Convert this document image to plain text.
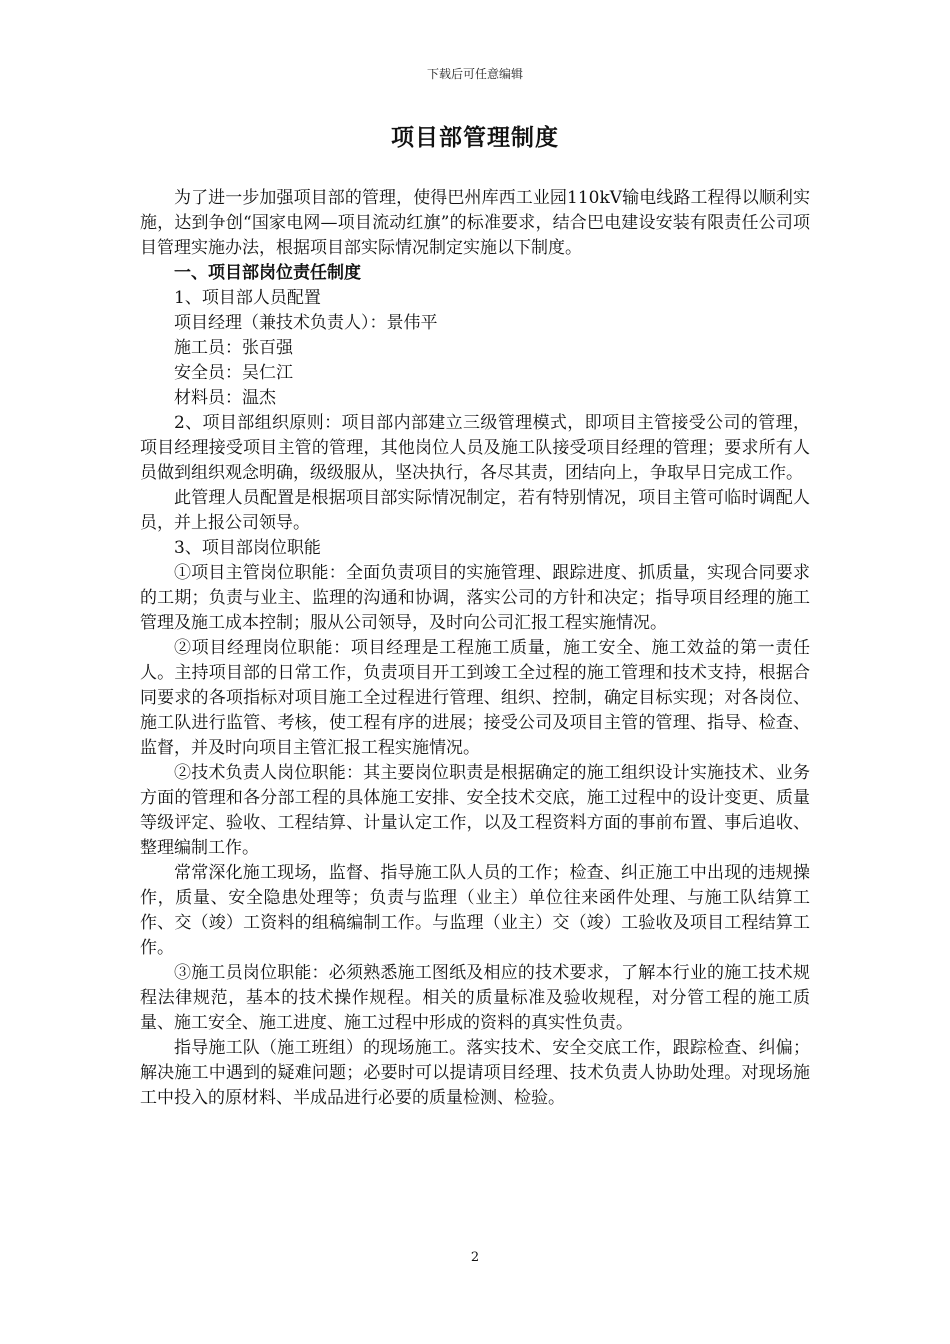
下载后可任意编辑
项目部管理制度

为了进一步加强项目部的管理，使得巴州库西工业园110kV输电线路工程得以顺利实施，达到争创“国家电网—项目流动红旗”的标准要求，结合巴电建设安装有限责任公司项目管理实施办法，根据项目部实际情况制定实施以下制度。

一、项目部岗位责任制度

1、项目部人员配置

项目经理（兼技术负责人）：景伟平

施工员：张百强

安全员：吴仁江

材料员：温杰

2、项目部组织原则：项目部内部建立三级管理模式，即项目主管接受公司的管理，项目经理接受项目主管的管理，其他岗位人员及施工队接受项目经理的管理；要求所有人员做到组织观念明确，级级服从，坚决执行，各尽其责，团结向上，争取早日完成工作。

此管理人员配置是根据项目部实际情况制定，若有特别情况，项目主管可临时调配人员，并上报公司领导。

3、项目部岗位职能

①项目主管岗位职能：全面负责项目的实施管理、跟踪进度、抓质量，实现合同要求的工期；负责与业主、监理的沟通和协调，落实公司的方针和决定；指导项目经理的施工管理及施工成本控制；服从公司领导，及时向公司汇报工程实施情况。

②项目经理岗位职能：项目经理是工程施工质量，施工安全、施工效益的第一责任人。主持项目部的日常工作，负责项目开工到竣工全过程的施工管理和技术支持，根据合同要求的各项指标对项目施工全过程进行管理、组织、控制，确定目标实现；对各岗位、施工队进行监管、考核，使工程有序的进展；接受公司及项目主管的管理、指导、检查、监督，并及时向项目主管汇报工程实施情况。

②技术负责人岗位职能：其主要岗位职责是根据确定的施工组织设计实施技术、业务方面的管理和各分部工程的具体施工安排、安全技术交底，施工过程中的设计变更、质量等级评定、验收、工程结算、计量认定工作，以及工程资料方面的事前布置、事后追收、整理编制工作。

常常深化施工现场，监督、指导施工队人员的工作；检查、纠正施工中出现的违规操作，质量、安全隐患处理等；负责与监理（业主）单位往来函件处理、与施工队结算工作、交（竣）工资料的组稿编制工作。与监理（业主）交（竣）工验收及项目工程结算工作。

③施工员岗位职能：必须熟悉施工图纸及相应的技术要求，了解本行业的施工技术规程法律规范，基本的技术操作规程。相关的质量标准及验收规程，对分管工程的施工质量、施工安全、施工进度、施工过程中形成的资料的真实性负责。

指导施工队（施工班组）的现场施工。落实技术、安全交底工作，跟踪检查、纠偏；解决施工中遇到的疑难问题；必要时可以提请项目经理、技术负责人协助处理。对现场施工中投入的原材料、半成品进行必要的质量检测、检验。

2
